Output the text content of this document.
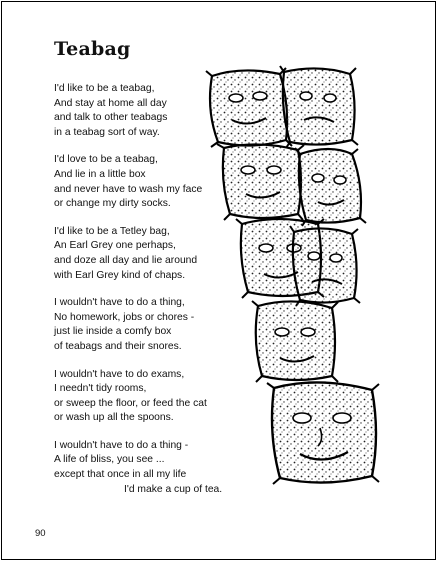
Teabag

I'd like to be a teabag,
And stay at home all day
and talk to other teabags
in a teabag sort of way.

I'd love to be a teabag,
And lie in a little box
and never have to wash my face
or change my dirty socks.

I'd like to be a Tetley bag,
An Earl Grey one perhaps,
and doze all day and lie around
with Earl Grey kind of chaps.

I wouldn't have to do a thing,
No homework, jobs or chores -
just lie inside a comfy box
of teabags and their snores.

I wouldn't have to do exams,
I needn't tidy rooms,
or sweep the floor, or feed the cat
or wash up all the spoons.

I wouldn't have to do a thing -
A life of bliss, you see ...
except that once in all my life
I'd make a cup of tea.

90
